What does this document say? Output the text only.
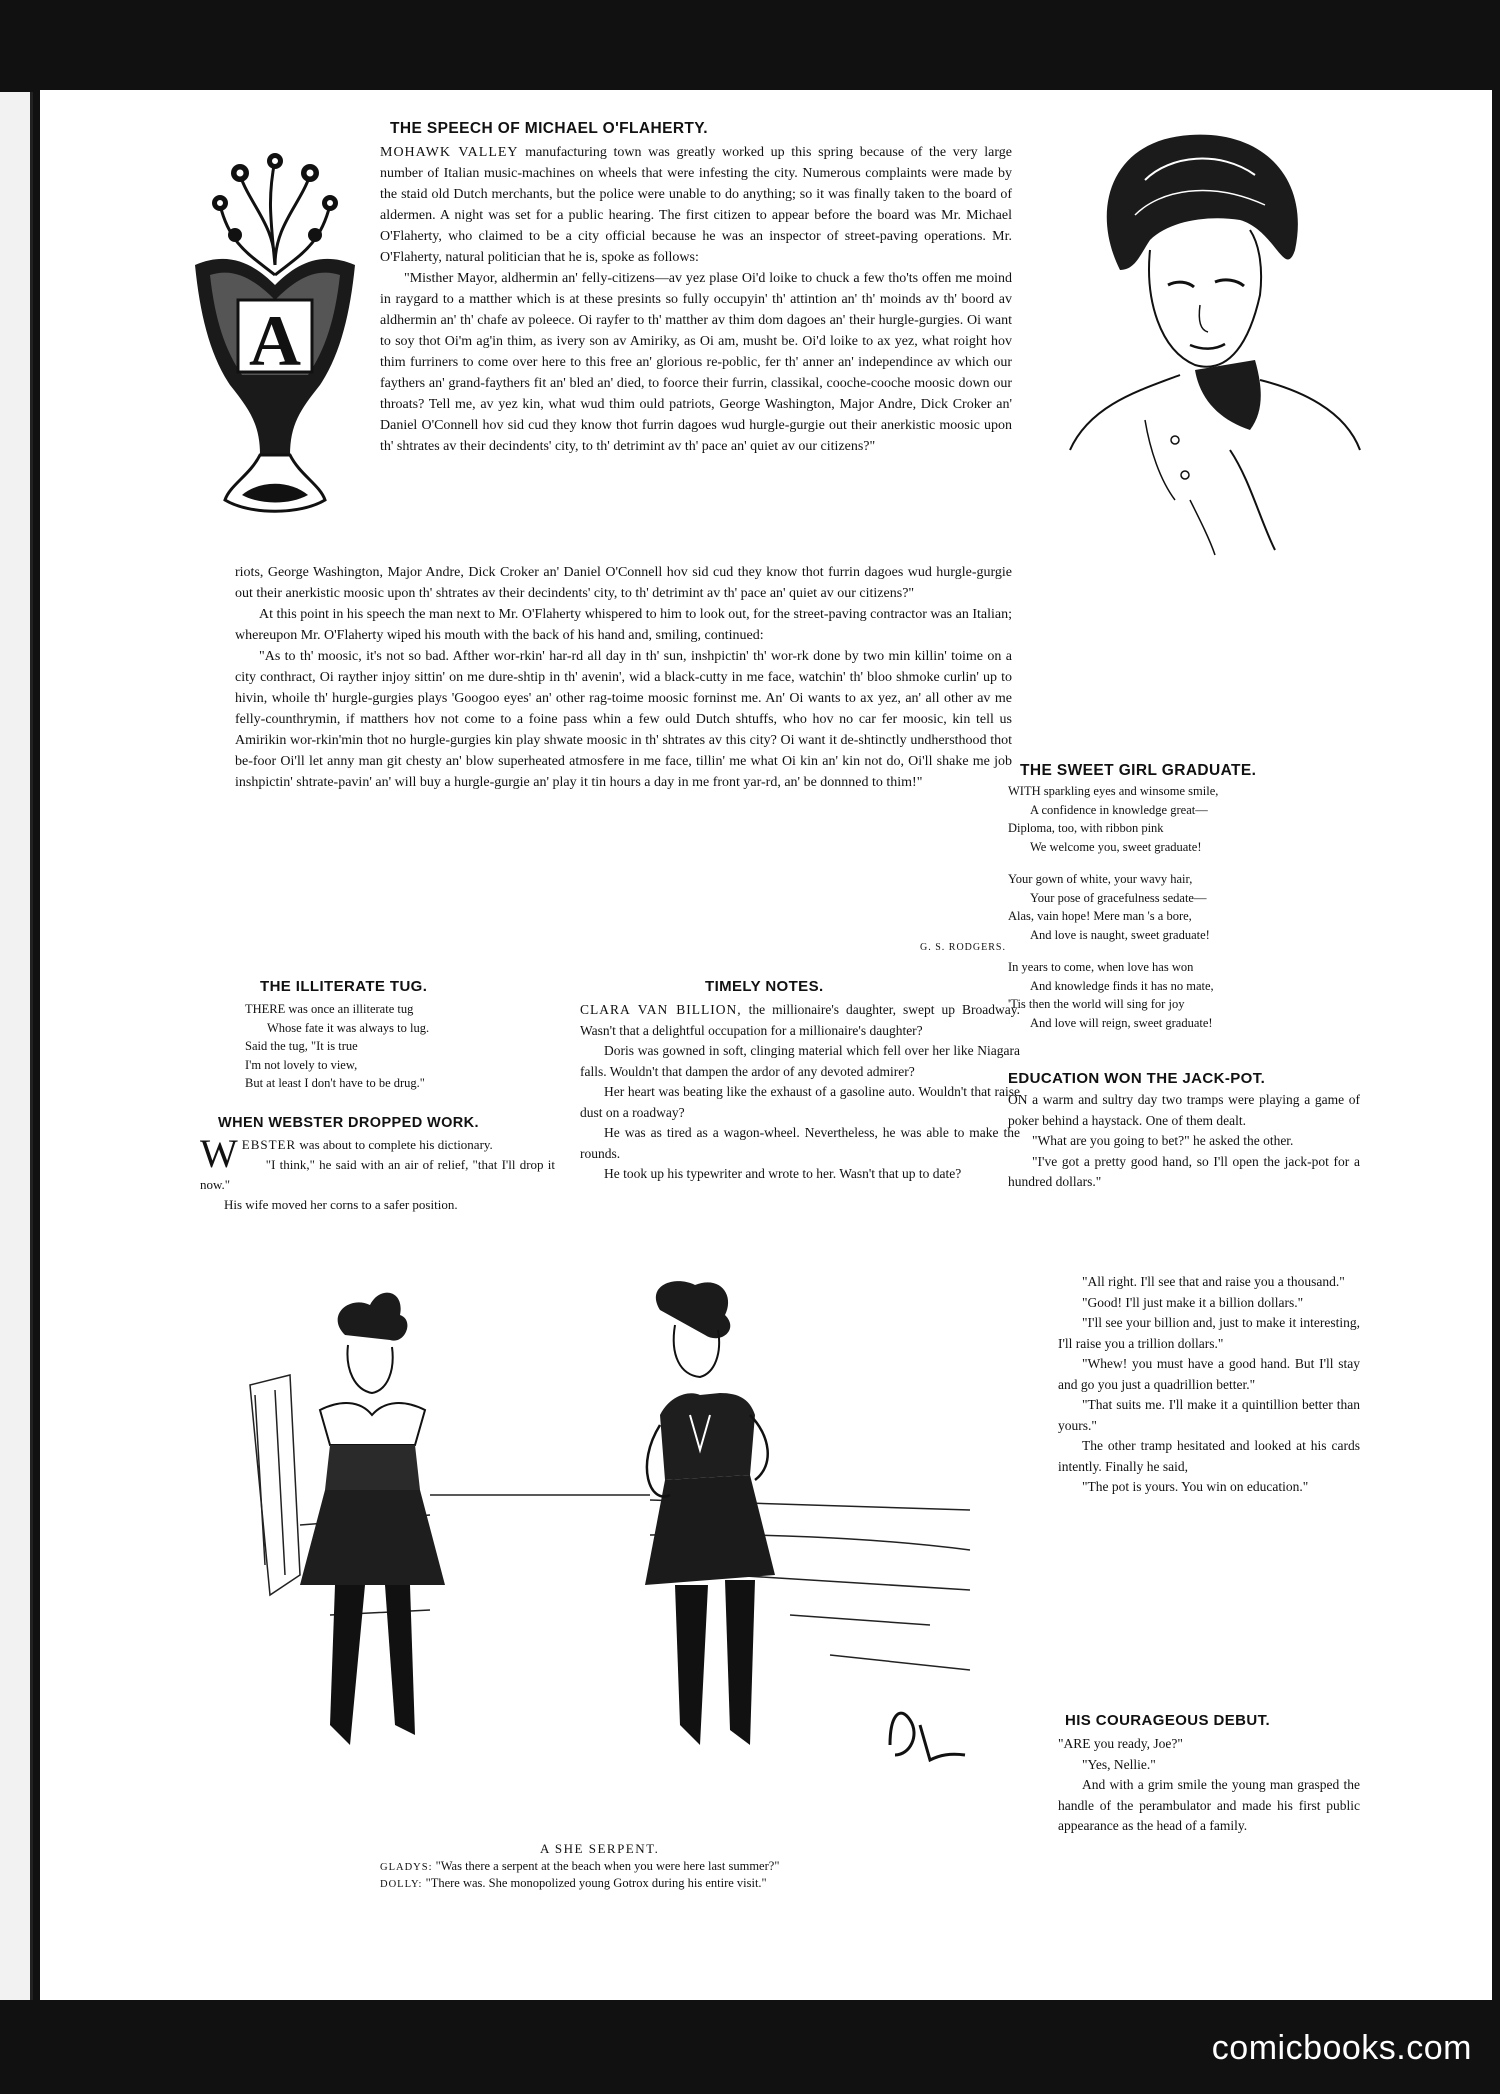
A
THE SPEECH OF MICHAEL O'FLAHERTY.

MOHAWK VALLEY manufacturing town was greatly worked up this spring because of the very large number of Italian music-machines on wheels that were infesting the city. Numerous complaints were made by the staid old Dutch merchants, but the police were unable to do anything; so it was finally taken to the board of aldermen. A night was set for a public hearing. The first citizen to appear before the board was Mr. Michael O'Flaherty, who claimed to be a city official because he was an inspector of street-paving operations. Mr. O'Flaherty, natural politician that he is, spoke as follows:

"Misther Mayor, aldhermin an' felly-citizens—av yez plase Oi'd loike to chuck a few tho'ts offen me moind in raygard to a matther which is at these presints so fully occupyin' th' attintion an' th' moinds av th' boord av aldhermin an' th' chafe av poleece. Oi rayfer to th' matther av thim dom dagoes an' their hurgle-gurgies. Oi want to soy thot Oi'm ag'in thim, as ivery son av Amiriky, as Oi am, musht be. Oi'd loike to ax yez, what roight hov thim furriners to come over here to this free an' glorious re-poblic, fer th' anner an' independince av which our faythers an' grand-faythers fit an' bled an' died, to foorce their furrin, classikal, cooche-cooche moosic down our throats? Tell me, av yez kin, what wud thim ould patriots, George Washington, Major Andre, Dick Croker an' Daniel O'Connell hov sid cud they know thot furrin dagoes wud hurgle-gurgie out their anerkistic moosic upon th' shtrates av their decindents' city, to th' detrimint av th' pace an' quiet av our citizens?"

riots, George Washington, Major Andre, Dick Croker an' Daniel O'Connell hov sid cud they know thot furrin dagoes wud hurgle-gurgie out their anerkistic moosic upon th' shtrates av their decindents' city, to th' detrimint av th' pace an' quiet av our citizens?"

At this point in his speech the man next to Mr. O'Flaherty whispered to him to look out, for the street-paving contractor was an Italian; whereupon Mr. O'Flaherty wiped his mouth with the back of his hand and, smiling, continued:

"As to th' moosic, it's not so bad. Afther wor-rkin' har-rd all day in th' sun, inshpictin' th' wor-rk done by two min killin' toime on a city conthract, Oi rayther injoy sittin' on me dure-shtip in th' avenin', wid a black-cutty in me face, watchin' th' bloo shmoke curlin' up to hivin, whoile th' hurgle-gurgies plays 'Googoo eyes' an' other rag-toime moosic forninst me. An' Oi wants to ax yez, an' all other av me felly-counthrymin, if matthers hov not come to a foine pass whin a few ould Dutch shtuffs, who hov no car fer moosic, kin tell us Amirikin wor-rkin'min thot no hurgle-gurgies kin play shwate moosic in th' shtrates av this city? Oi want it de-shtinctly undhersthood thot be-foor Oi'll let anny man git chesty an' blow superheated atmosfere in me face, tillin' me what Oi kin an' kin not do, Oi'll shake me job inshpictin' shtrate-pavin' an' will buy a hurgle-gurgie an' play it tin hours a day in me front yar-rd, an' be donnned to thim!"

G. S. RODGERS.
THE SWEET GIRL GRADUATE.
WITH sparkling eyes and winsome smile,
A confidence in knowledge great—
Diploma, too, with ribbon pink
We welcome you, sweet graduate!
Your gown of white, your wavy hair,
Your pose of gracefulness sedate—
Alas, vain hope! Mere man 's a bore,
And love is naught, sweet graduate!
In years to come, when love has won
And knowledge finds it has no mate,
'Tis then the world will sing for joy
And love will reign, sweet graduate!
THE ILLITERATE TUG.
THERE was once an illiterate tug
Whose fate it was always to lug.
Said the tug, "It is true
I'm not lovely to view,
But at least I don't have to be drug."
WHEN WEBSTER DROPPED WORK.

WEBSTER was about to complete his dictionary.

"I think," he said with an air of relief, "that I'll drop it now."

His wife moved her corns to a safer position.

TIMELY NOTES.

CLARA VAN BILLION, the millionaire's daughter, swept up Broadway. Wasn't that a delightful occupation for a millionaire's daughter?

Doris was gowned in soft, clinging material which fell over her like Niagara falls. Wouldn't that dampen the ardor of any devoted admirer?

Her heart was beating like the exhaust of a gasoline auto. Wouldn't that raise dust on a roadway?

He was as tired as a wagon-wheel. Nevertheless, he was able to make the rounds.

He took up his typewriter and wrote to her. Wasn't that up to date?

EDUCATION WON THE JACK-POT.

ON a warm and sultry day two tramps were playing a game of poker behind a haystack. One of them dealt.

"What are you going to bet?" he asked the other.

"I've got a pretty good hand, so I'll open the jack-pot for a hundred dollars."

"All right. I'll see that and raise you a thousand."

"Good! I'll just make it a billion dollars."

"I'll see your billion and, just to make it interesting, I'll raise you a trillion dollars."

"Whew! you must have a good hand. But I'll stay and go you just a quadrillion better."

"That suits me. I'll make it a quintillion better than yours."

The other tramp hesitated and looked at his cards intently. Finally he said,

"The pot is yours. You win on education."

HIS COURAGEOUS DEBUT.

"ARE you ready, Joe?"

"Yes, Nellie."

And with a grim smile the young man grasped the handle of the perambulator and made his first public appearance as the head of a family.

A SHE SERPENT.
GLADYS: "Was there a serpent at the beach when you were here last summer?"
DOLLY: "There was. She monopolized young Gotrox during his entire visit."
comicbooks.com
